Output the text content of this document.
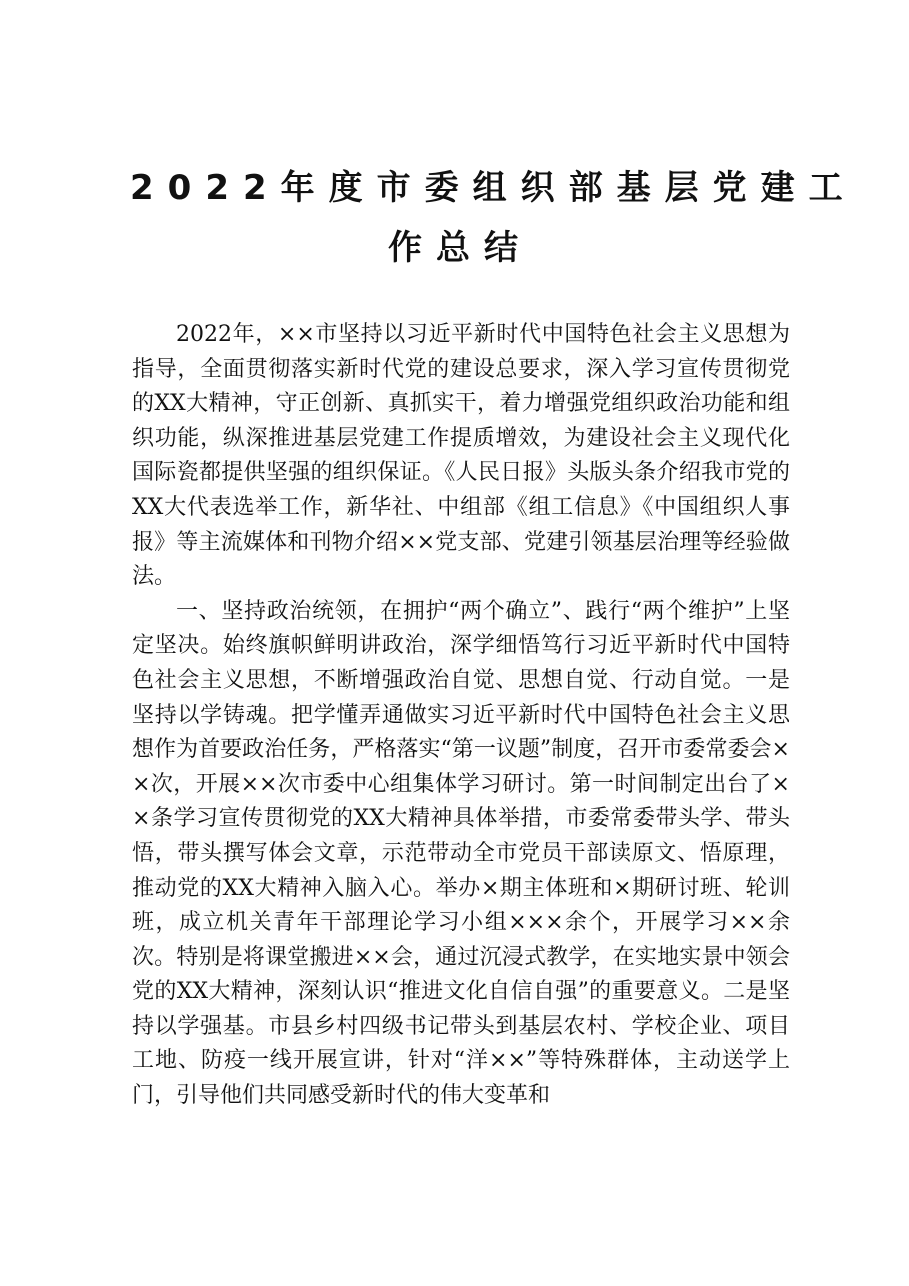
2022年度市委组织部基层党建工
作总结

2022年，××市坚持以习近平新时代中国特色社会主义思想为指导，全面贯彻落实新时代党的建设总要求，深入学习宣传贯彻党的XX大精神，守正创新、真抓实干，着力增强党组织政治功能和组织功能，纵深推进基层党建工作提质增效，为建设社会主义现代化国际瓷都提供坚强的组织保证。《人民日报》头版头条介绍我市党的XX大代表选举工作，新华社、中组部《组工信息》《中国组织人事报》等主流媒体和刊物介绍××党支部、党建引领基层治理等经验做法。

一、坚持政治统领，在拥护“两个确立”、践行“两个维护”上坚定坚决。始终旗帜鲜明讲政治，深学细悟笃行习近平新时代中国特色社会主义思想，不断增强政治自觉、思想自觉、行动自觉。一是坚持以学铸魂。把学懂弄通做实习近平新时代中国特色社会主义思想作为首要政治任务，严格落实“第一议题”制度，召开市委常委会××次，开展××次市委中心组集体学习研讨。第一时间制定出台了××条学习宣传贯彻党的XX大精神具体举措，市委常委带头学、带头悟，带头撰写体会文章，示范带动全市党员干部读原文、悟原理，推动党的XX大精神入脑入心。举办×期主体班和×期研讨班、轮训班，成立机关青年干部理论学习小组×××余个，开展学习××余次。特别是将课堂搬进××会，通过沉浸式教学，在实地实景中领会党的XX大精神，深刻认识“推进文化自信自强”的重要意义。二是坚持以学强基。市县乡村四级书记带头到基层农村、学校企业、项目工地、防疫一线开展宣讲，针对“洋××”等特殊群体，主动送学上门，引导他们共同感受新时代的伟大变革和
